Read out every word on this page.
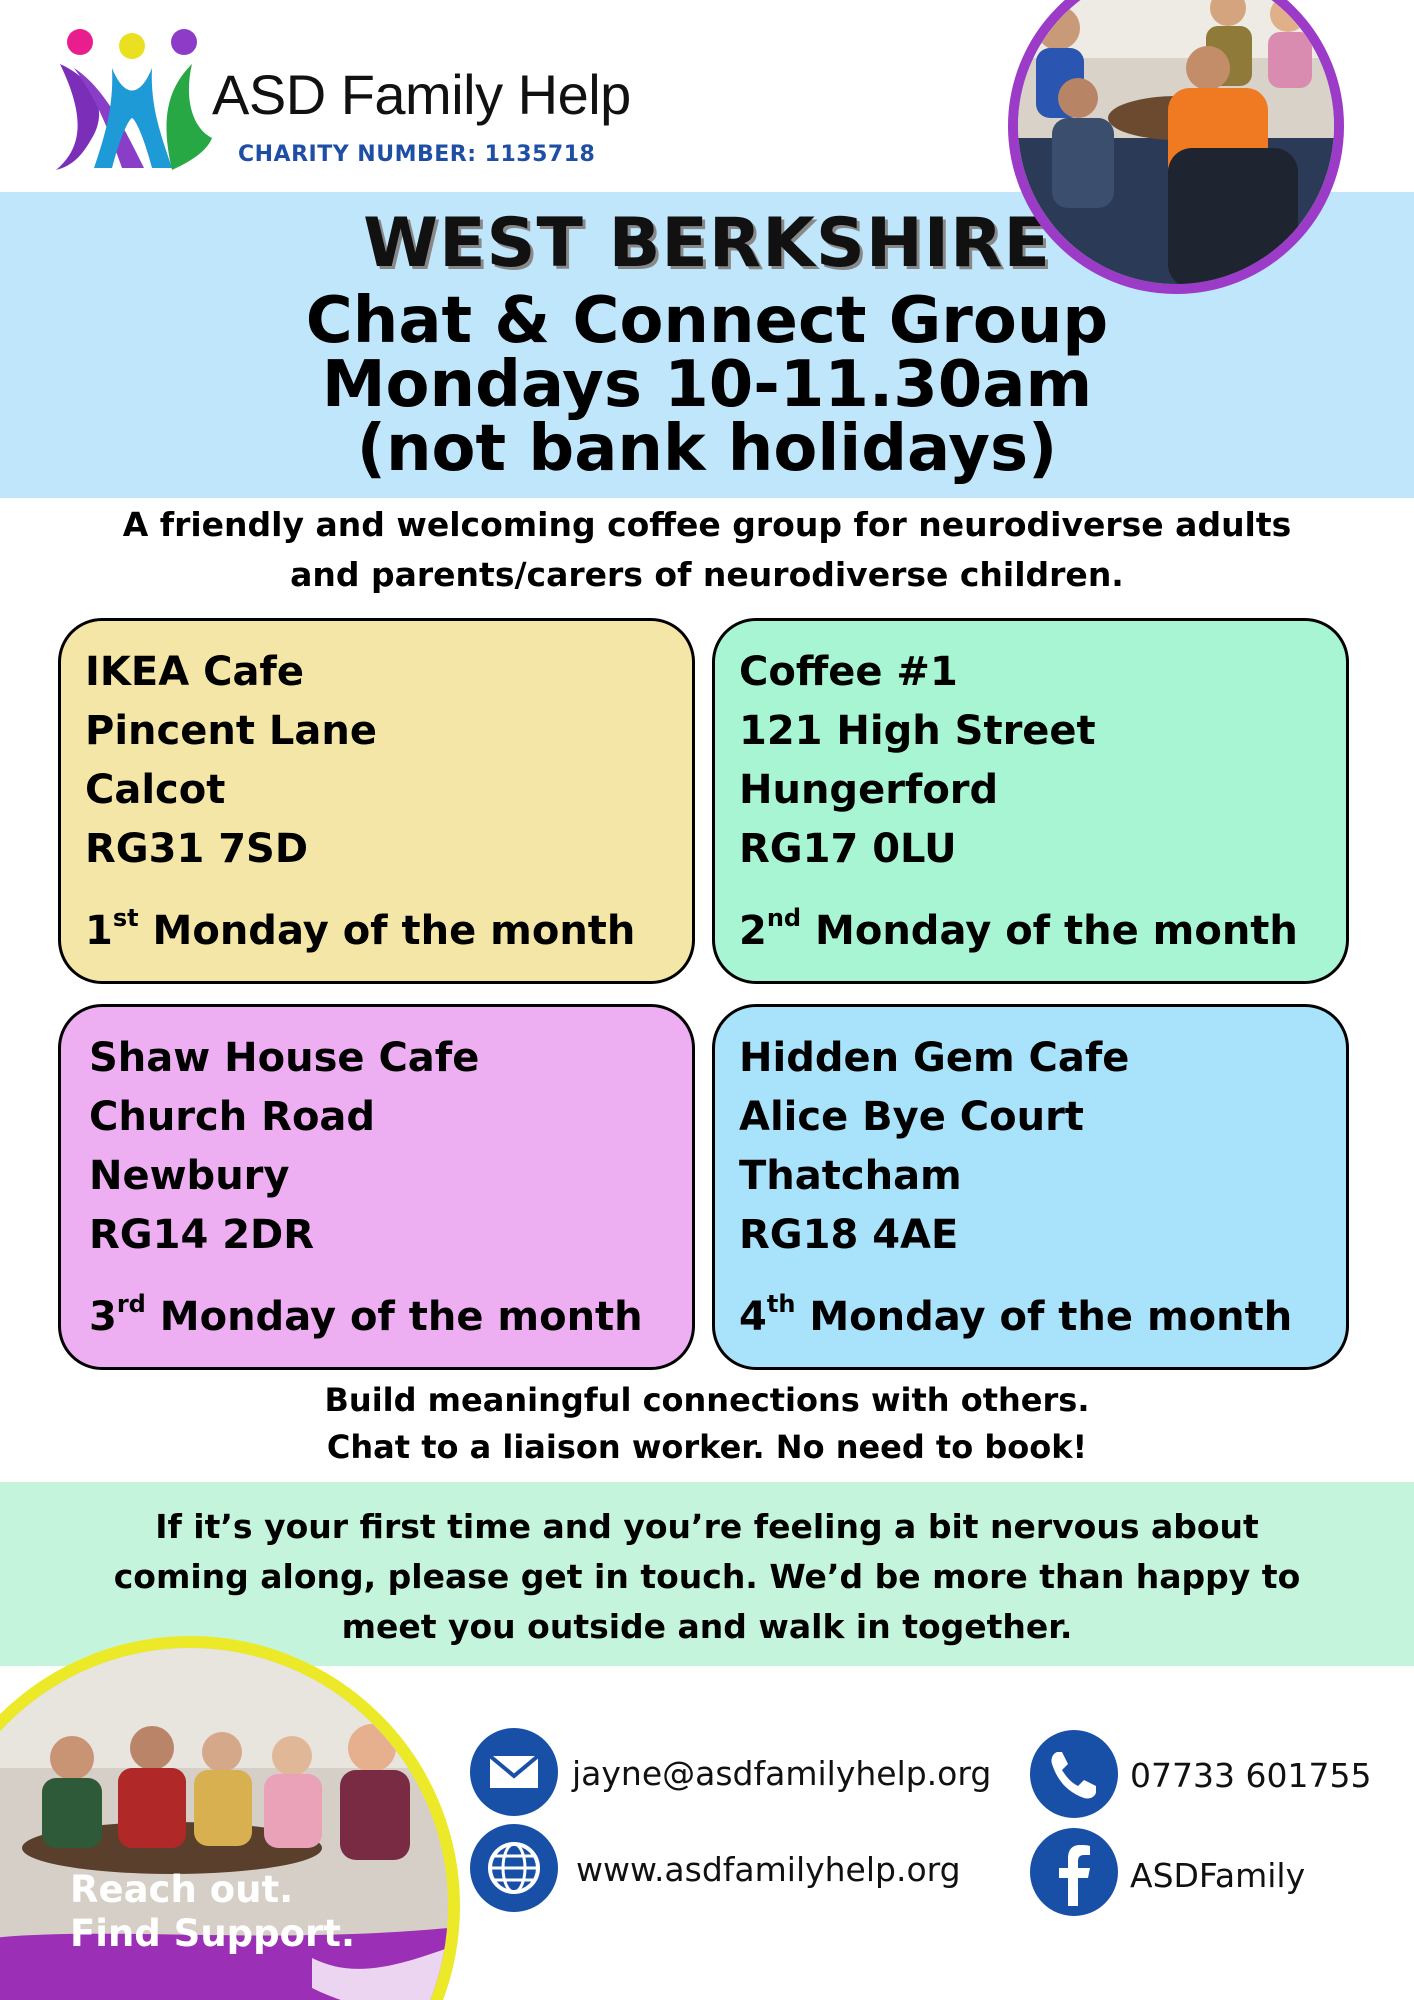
ASD Family Help
CHARITY NUMBER: 1135718
WEST BERKSHIRE
Chat & Connect Group
Mondays 10-11.30am
(not bank holidays)
A friendly and welcoming coffee group for neurodiverse adults
and parents/carers of neurodiverse children.
IKEA Cafe
Pincent Lane
Calcot
RG31 7SD
1st Monday of the month
Coffee #1
121 High Street
Hungerford
RG17 0LU
2nd Monday of the month
Shaw House Cafe
Church Road
Newbury
RG14 2DR
3rd Monday of the month
Hidden Gem Cafe
Alice Bye Court
Thatcham
RG18 4AE
4th Monday of the month
Build meaningful connections with others.
Chat to a liaison worker. No need to book!
If it’s your first time and you’re feeling a bit nervous about
coming along, please get in touch. We’d be more than happy to
meet you outside and walk in together.
Reach out.
Find Support.
jayne@asdfamilyhelp.org	07733 601755
www.asdfamilyhelp.org	ASDFamily
